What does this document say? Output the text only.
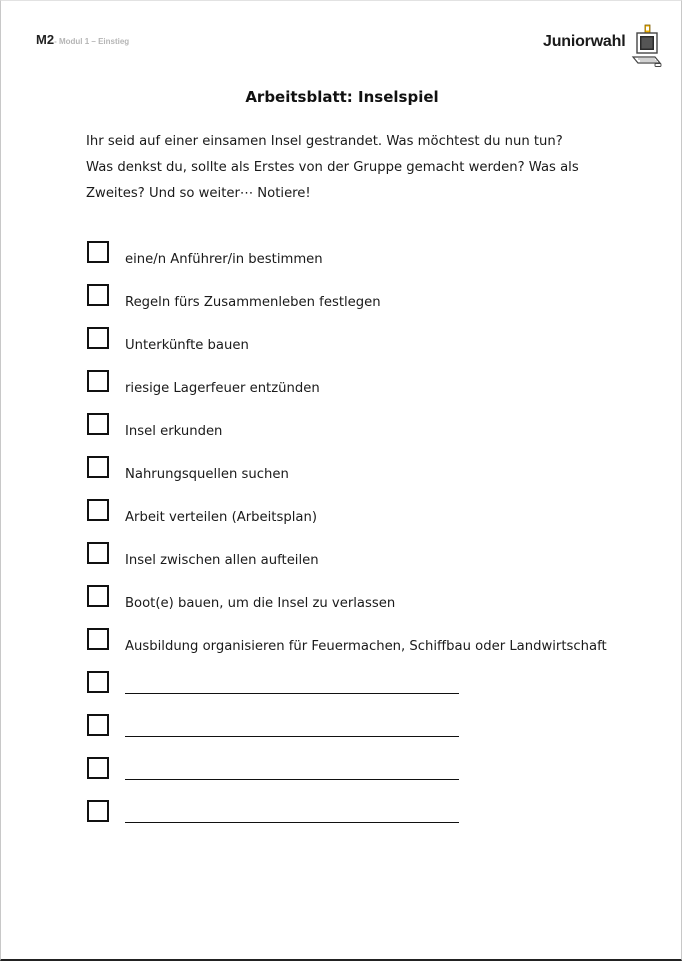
M2- Modul 1 – Einstieg	Juniorwahl
Arbeitsblatt: Inselspiel

Ihr seid auf einer einsamen Insel gestrandet. Was möchtest du nun tun?

Was denkst du, sollte als Erstes von der Gruppe gemacht werden? Was als

Zweites? Und so weiter⋯ Notiere!

eine/n Anführer/in bestimmen
Regeln fürs Zusammenleben festlegen
Unterkünfte bauen
riesige Lagerfeuer entzünden
Insel erkunden
Nahrungsquellen suchen
Arbeit verteilen (Arbeitsplan)
Insel zwischen allen aufteilen
Boot(e) bauen, um die Insel zu verlassen
Ausbildung organisieren für Feuermachen, Schiffbau oder Landwirtschaft
